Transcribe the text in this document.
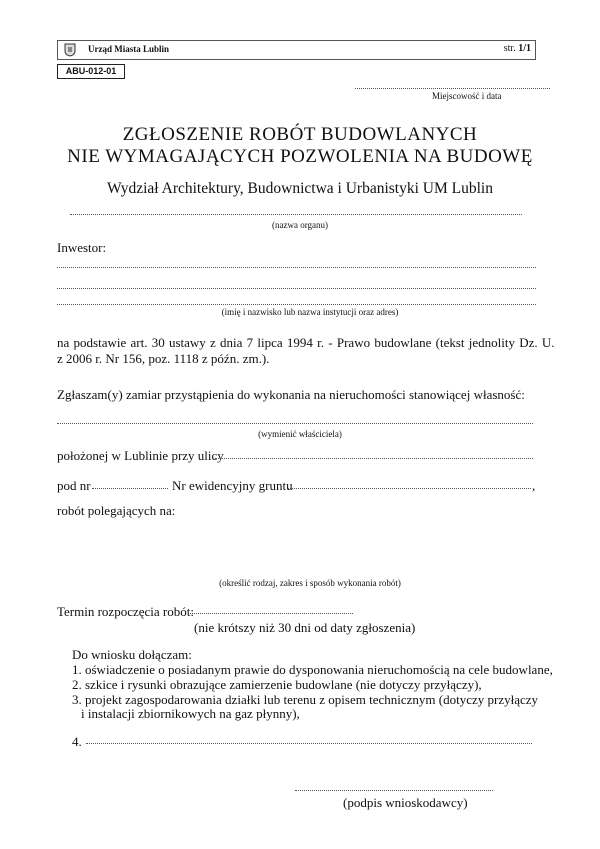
Urząd Miasta Lublin	str. 1/1
ABU-012-01
Miejscowość i data
ZGŁOSZENIE ROBÓT BUDOWLANYCH
NIE WYMAGAJĄCYCH POZWOLENIA NA BUDOWĘ
Wydział Architektury, Budownictwa i Urbanistyki UM Lublin
(nazwa organu)
Inwestor:
(imię i nazwisko lub nazwa instytucji oraz adres)
na podstawie art. 30 ustawy z dnia 7 lipca 1994 r. - Prawo budowlane (tekst jednolity Dz. U.
z 2006 r. Nr 156, poz. 1118 z późn. zm.).
Zgłaszam(y) zamiar przystąpienia do wykonania na nieruchomości stanowiącej własność:
(wymienić właściciela)
położonej w Lublinie przy ulicy
pod nr	Nr ewidencyjny gruntu	,
robót polegających na:
(określić rodzaj, zakres i sposób wykonania robót)
Termin rozpoczęcia robót:
(nie krótszy niż 30 dni od daty zgłoszenia)
Do wniosku dołączam:
1. oświadczenie o posiadanym prawie do dysponowania nieruchomością na cele budowlane,
2. szkice i rysunki obrazujące zamierzenie budowlane (nie dotyczy przyłączy),
3. projekt zagospodarowania działki lub terenu z opisem technicznym (dotyczy przyłączy
i instalacji zbiornikowych na gaz płynny),
4.
(podpis wnioskodawcy)
